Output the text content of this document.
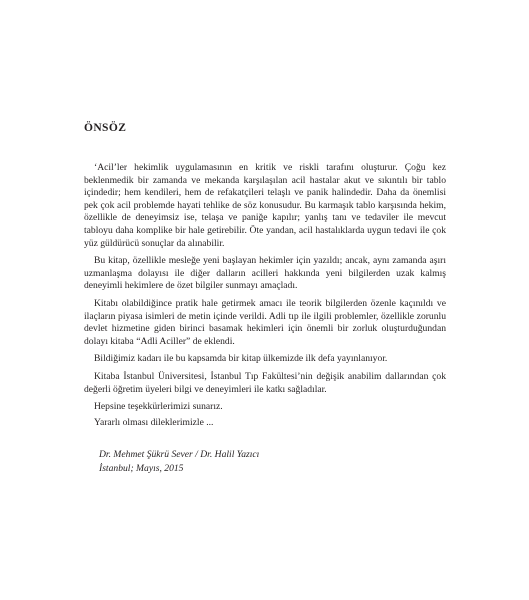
ÖNSÖZ

‘Acil’ler hekimlik uygulamasının en kritik ve riskli tarafını oluşturur. Çoğu kez beklenmedik bir zamanda ve mekanda karşılaşılan acil hastalar akut ve sıkıntılı bir tablo içindedir; hem kendileri, hem de refakatçileri telaşlı ve panik halindedir. Daha da önemlisi pek çok acil problemde hayati tehlike de söz konusudur. Bu karmaşık tablo karşısında hekim, özellikle de deneyimsiz ise, telaşa ve paniğe kapılır; yanlış tanı ve tedaviler ile mevcut tabloyu daha komplike bir hale getirebilir. Öte yandan, acil hastalıklarda uygun tedavi ile çok yüz güldürücü sonuçlar da alınabilir.

Bu kitap, özellikle mesleğe yeni başlayan hekimler için yazıldı; ancak, aynı zamanda aşırı uzmanlaşma dolayısı ile diğer dalların acilleri hakkında yeni bilgilerden uzak kalmış deneyimli hekimlere de özet bilgiler sunmayı amaçladı.

Kitabı olabildiğince pratik hale getirmek amacı ile teorik bilgilerden özenle kaçınıldı ve ilaçların piyasa isimleri de metin içinde verildi. Adli tıp ile ilgili problemler, özellikle zorunlu devlet hizmetine giden birinci basamak hekimleri için önemli bir zorluk oluşturduğundan dolayı kitaba “Adli Aciller” de eklendi.

Bildiğimiz kadarı ile bu kapsamda bir kitap ülkemizde ilk defa yayınlanıyor.

Kitaba İstanbul Üniversitesi, İstanbul Tıp Fakültesi’nin değişik anabilim dallarından çok değerli öğretim üyeleri bilgi ve deneyimleri ile katkı sağladılar.

Hepsine teşekkürlerimizi sunarız.

Yararlı olması dileklerimizle ...

Dr. Mehmet Şükrü Sever / Dr. Halil Yazıcı
İstanbul; Mayıs, 2015
